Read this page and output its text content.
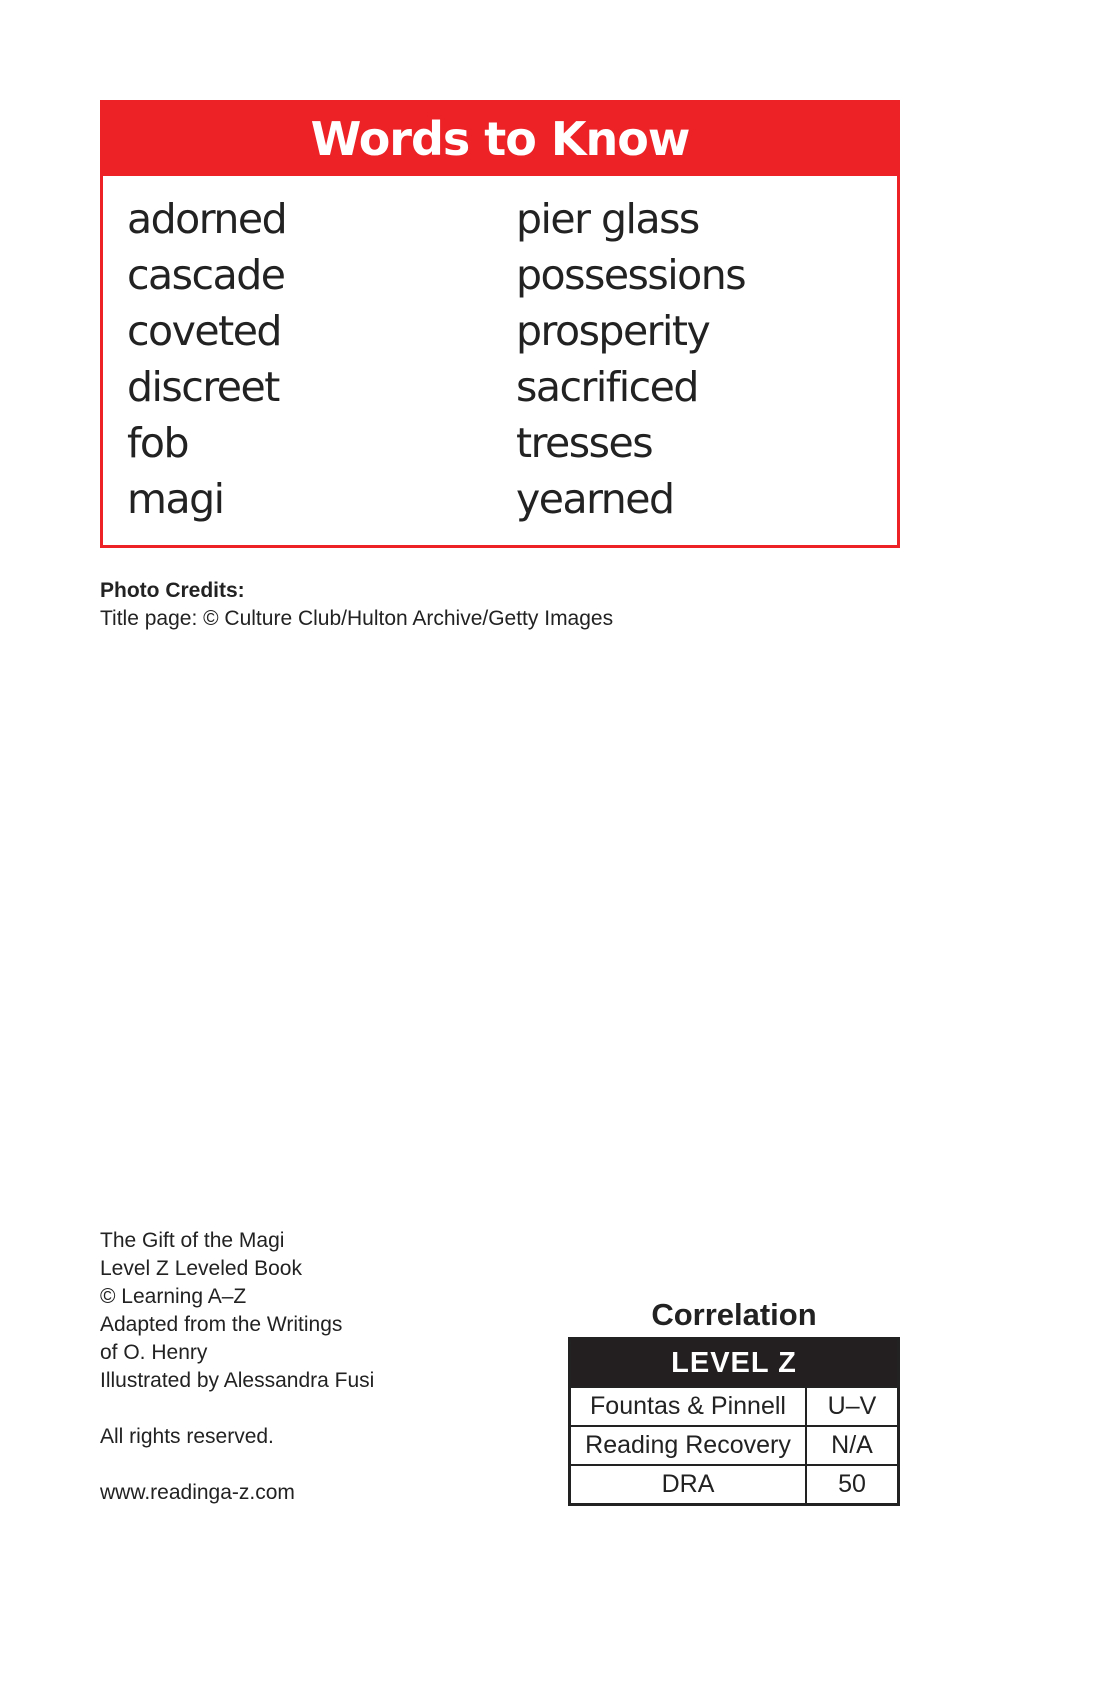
Words to Know
adorned
cascade
coveted
discreet
fob
magi
pier glass
possessions
prosperity
sacrificed
tresses
yearned
Photo Credits:
Title page: © Culture Club/Hulton Archive/Getty Images
The Gift of the Magi
Level Z Leveled Book
© Learning A–Z
Adapted from the Writings
of O. Henry
Illustrated by Alessandra Fusi
All rights reserved.
www.readinga-z.com
Correlation
LEVEL Z	
Fountas & Pinnell	U–V
Reading Recovery	N/A
DRA	50
